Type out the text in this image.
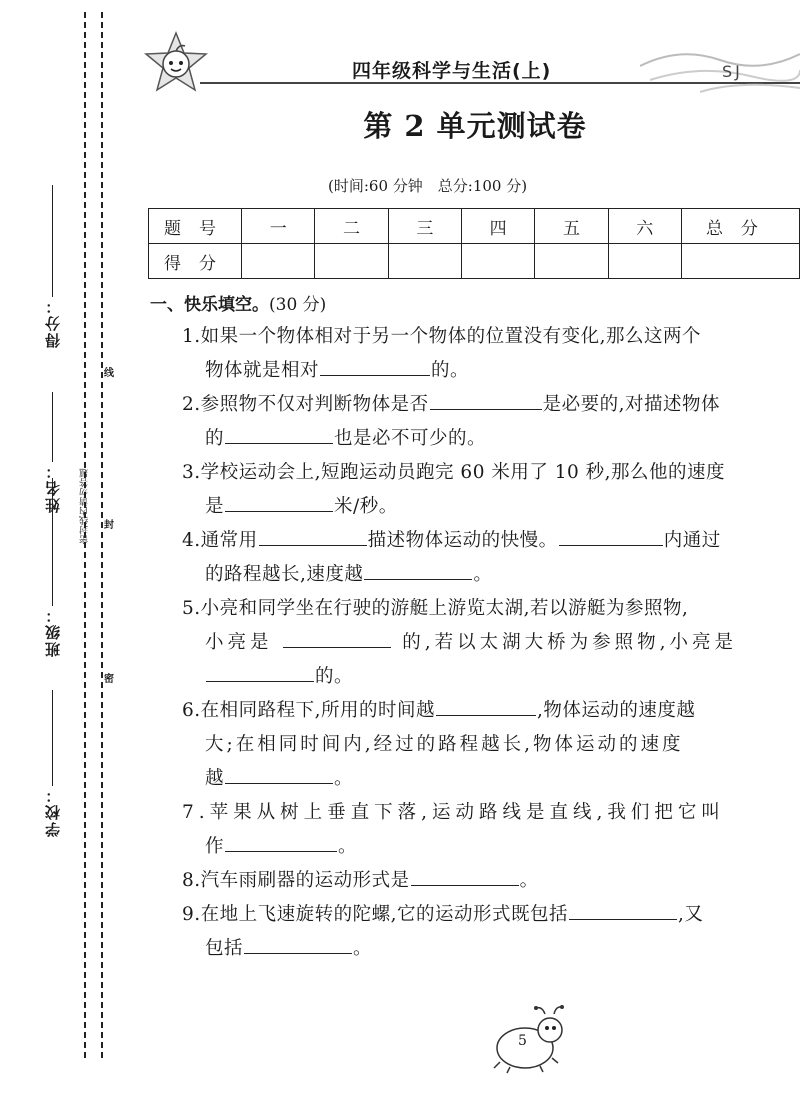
学校：
班级：
姓名：
得分：
密封线内请勿答题
线
封
密
四年级科学与生活(上)	SJ
第 2 单元测试卷
(时间:60 分钟　总分:100 分)
题号	一	二	三	四	五	六	总分
得分							
一、快乐填空。(30 分)
1.如果一个物体相对于另一个物体的位置没有变化,那么这两个
物体就是相对	的。
2.参照物不仅对判断物体是否	是必要的,对描述物体
的	也是必不可少的。
3.学校运动会上,短跑运动员跑完 60 米用了 10 秒,那么他的速度
是	米/秒。
4.通常用	描述物体运动的快慢。	内通过
的路程越长,速度越	。
5.小亮和同学坐在行驶的游艇上游览太湖,若以游艇为参照物,
小亮是	的,若以太湖大桥为参照物,小亮是
的。
6.在相同路程下,所用的时间越	,物体运动的速度越
大;在相同时间内,经过的路程越长,物体运动的速度
越	。
7.苹果从树上垂直下落,运动路线是直线,我们把它叫
作	。
8.汽车雨刷器的运动形式是	。
9.在地上飞速旋转的陀螺,它的运动形式既包括	,又
包括	。
5
